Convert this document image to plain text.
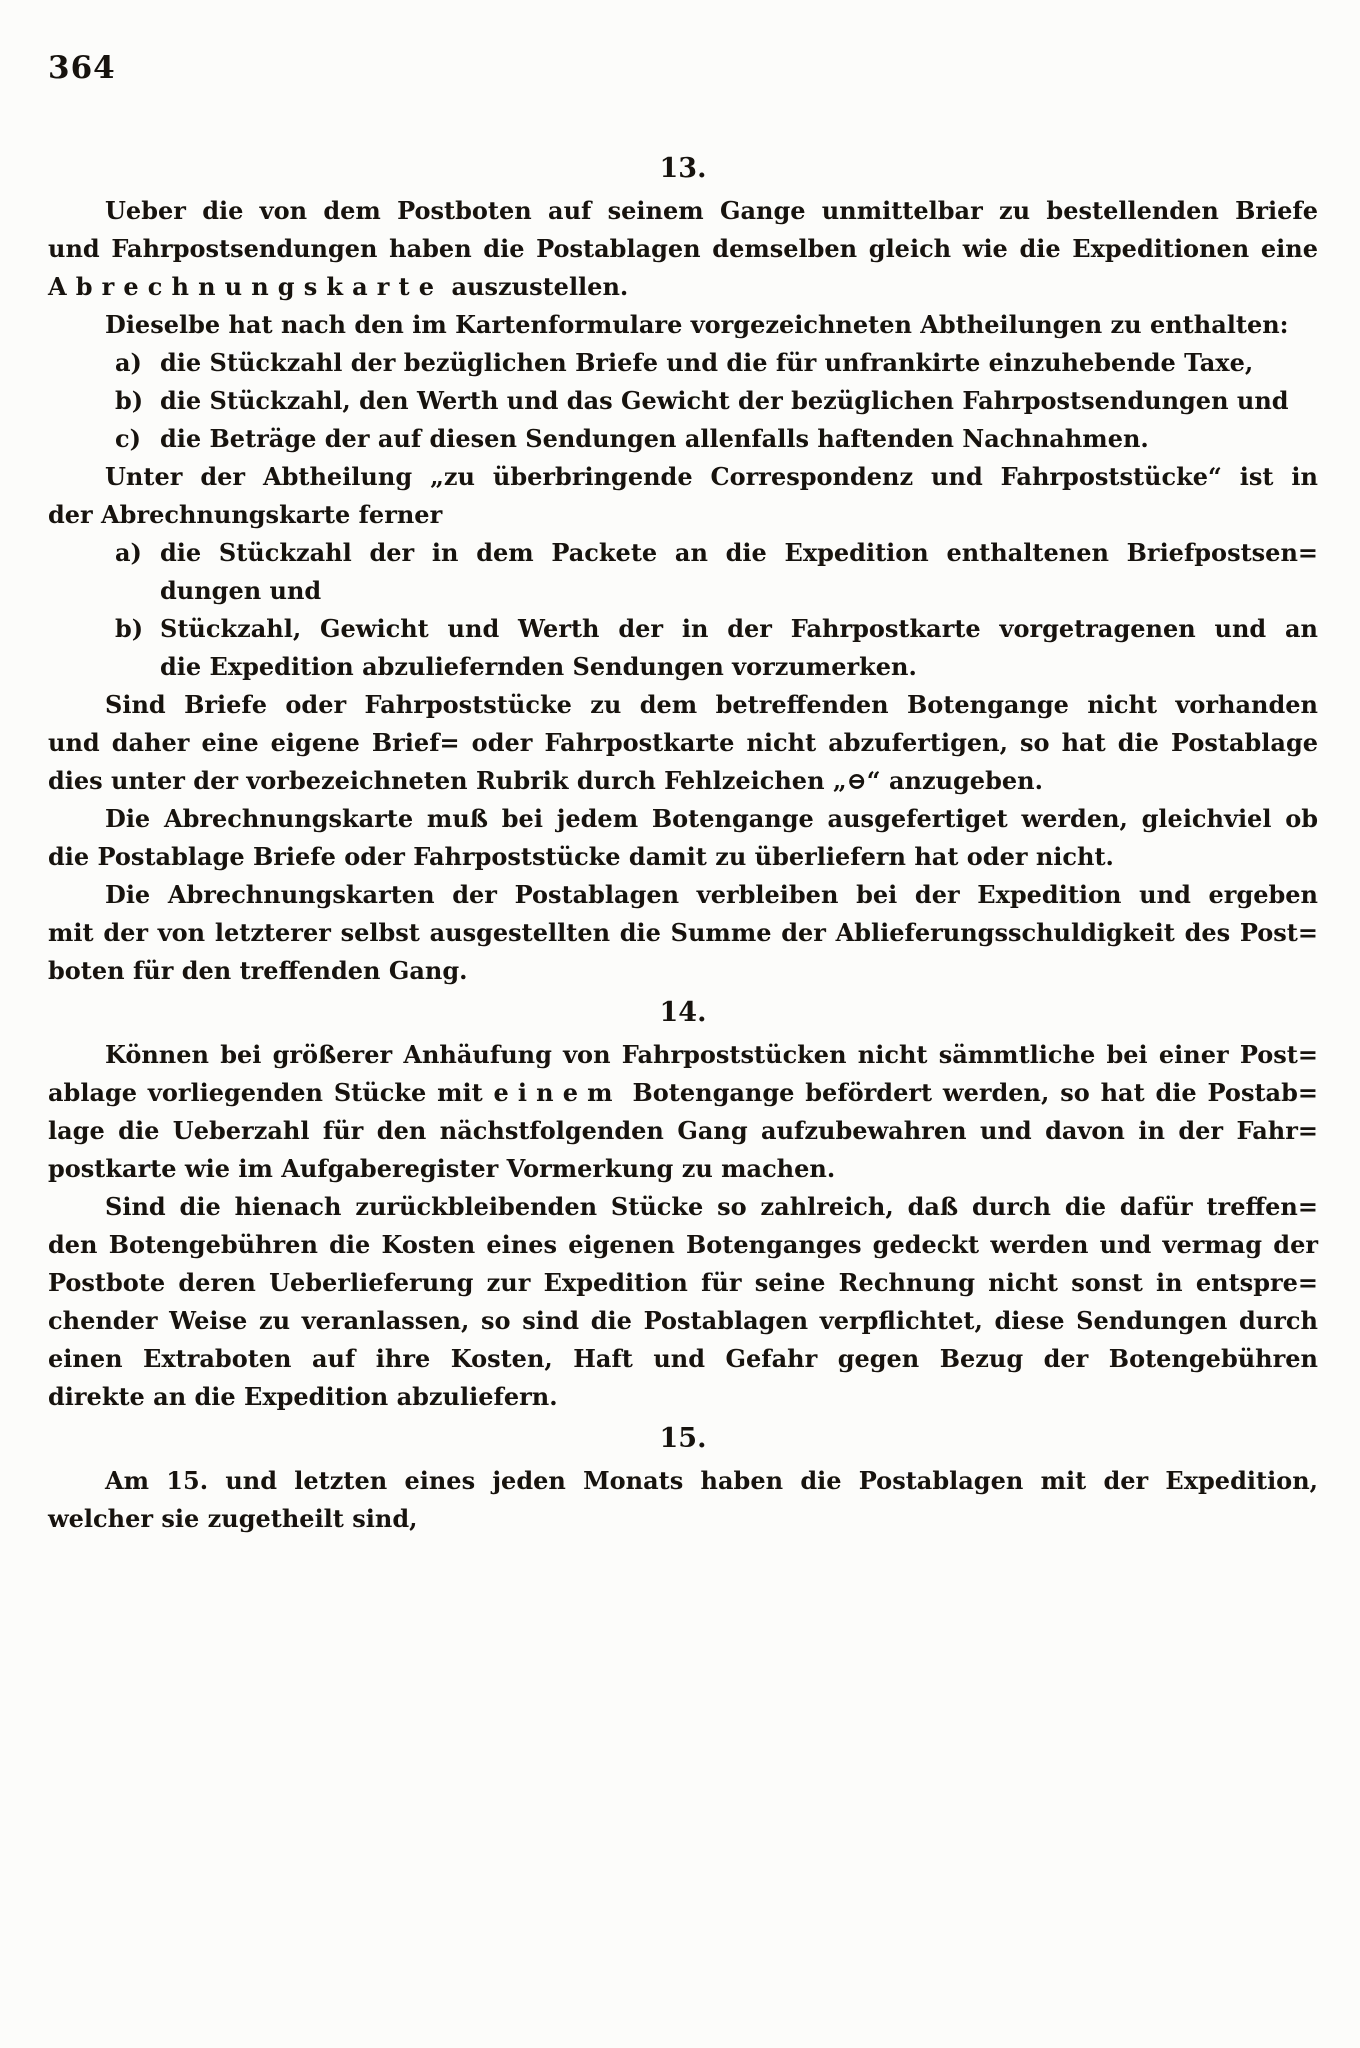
364
13.
Ueber die von dem Postboten auf seinem Gange unmittelbar zu bestellenden Briefe
und Fahrpostsendungen haben die Postablagen demselben gleich wie die Expeditionen eine
Abrechnungskarte auszustellen.
Dieselbe hat nach den im Kartenformulare vorgezeichneten Abtheilungen zu enthalten:
a) die Stückzahl der bezüglichen Briefe und die für unfrankirte einzuhebende Taxe,
b) die Stückzahl, den Werth und das Gewicht der bezüglichen Fahrpostsendungen und
c) die Beträge der auf diesen Sendungen allenfalls haftenden Nachnahmen.
Unter der Abtheilung „zu überbringende Correspondenz und Fahrpoststücke“ ist in
der Abrechnungskarte ferner
a) die Stückzahl der in dem Packete an die Expedition enthaltenen Briefpostsen=
dungen und
b) Stückzahl, Gewicht und Werth der in der Fahrpostkarte vorgetragenen und an
die Expedition abzuliefernden Sendungen vorzumerken.
Sind Briefe oder Fahrpoststücke zu dem betreffenden Botengange nicht vorhanden
und daher eine eigene Brief= oder Fahrpostkarte nicht abzufertigen, so hat die Postablage
dies unter der vorbezeichneten Rubrik durch Fehlzeichen „⊖“ anzugeben.
Die Abrechnungskarte muß bei jedem Botengange ausgefertiget werden, gleichviel ob
die Postablage Briefe oder Fahrpoststücke damit zu überliefern hat oder nicht.
Die Abrechnungskarten der Postablagen verbleiben bei der Expedition und ergeben
mit der von letzterer selbst ausgestellten die Summe der Ablieferungsschuldigkeit des Post=
boten für den treffenden Gang.
14.
Können bei größerer Anhäufung von Fahrpoststücken nicht sämmtliche bei einer Post=
ablage vorliegenden Stücke mit einem Botengange befördert werden, so hat die Postab=
lage die Ueberzahl für den nächstfolgenden Gang aufzubewahren und davon in der Fahr=
postkarte wie im Aufgaberegister Vormerkung zu machen.
Sind die hienach zurückbleibenden Stücke so zahlreich, daß durch die dafür treffen=
den Botengebühren die Kosten eines eigenen Botenganges gedeckt werden und vermag der
Postbote deren Ueberlieferung zur Expedition für seine Rechnung nicht sonst in entspre=
chender Weise zu veranlassen, so sind die Postablagen verpflichtet, diese Sendungen durch
einen Extraboten auf ihre Kosten, Haft und Gefahr gegen Bezug der Botengebühren
direkte an die Expedition abzuliefern.
15.
Am 15. und letzten eines jeden Monats haben die Postablagen mit der Expedition,
welcher sie zugetheilt sind,
